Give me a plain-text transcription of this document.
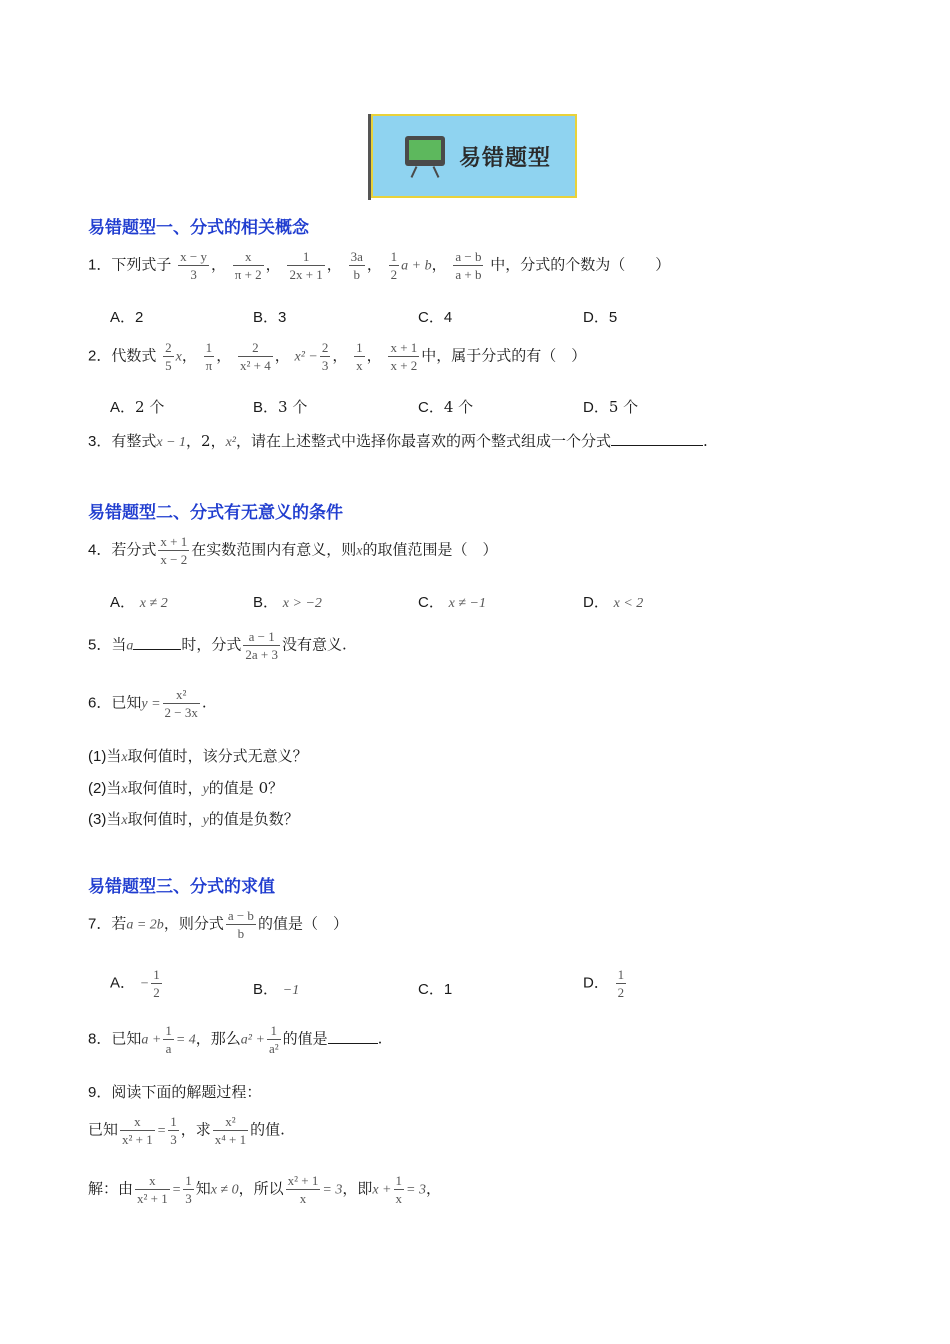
易错题型
易错题型一、分式的相关概念
1．下列式子 $\frac{x - y}{3}$ ， $\frac{x}{\pi + 2}$ ， $\frac{1}{2x + 1}$ ， $\frac{3a}{b}$ ， $\frac{1}{2}$ a + b， $\frac{a - b}{a + b}$ 中，分式的个数为（　　）
A．2	B．3	C．4	D．5
2．代数式 $\frac{2}{5}$ x， $\frac{1}{\pi}$ ， $\frac{2}{\text{x² + 4}}$ ， $x^2 - \frac{2}{3}$ ， $\frac{1}{x}$ ， $\frac{x + 1}{x + 2}$ 中，属于分式的有（　）
A．2 个	B．3 个	C．4 个	D．5 个
3．有整式x − 1，2，x²，请在上述整式中选择你最喜欢的两个整式组成一个分式	.
易错题型二、分式有无意义的条件
4．若分式 $\frac{x + 1}{x - 2}$ 在实数范围内有意义，则x的取值范围是（　）
A． x ≠ 2	B． x > −2	C． x ≠ −1	D． x < 2
5．当a	时，分式 $\frac{a - 1}{2a + 3}$ 没有意义.
6．已知$y = \frac{\text{x²}}{2 - 3x}$ .
(1)当x取何值时，该分式无意义？
(2)当x取何值时，y的值是 0？
(3)当x取何值时，y的值是负数？
易错题型三、分式的求值
7．若a = 2b，则分式 $\frac{a - b}{b}$ 的值是（　）
A． − $\frac{1}{2}$	B． −1	C．1	D． $\frac{1}{2}$
8．已知$a + \frac{1}{a} = 4$，那么$a^2 + \frac{1}{\text{a²}}$ 的值是	.
9．阅读下面的解题过程：
已知 $\frac{x}{\text{x² + 1}} = \frac{1}{3}$ ，求 $\frac{\text{x²}}{\text{x⁴ + 1}}$ 的值.
解：由 $\frac{x}{\text{x² + 1}} = \frac{1}{3}$ 知x ≠ 0，所以 $\frac{\text{x² + 1}}{x} = 3$，即$x + \frac{1}{x} = 3$，
